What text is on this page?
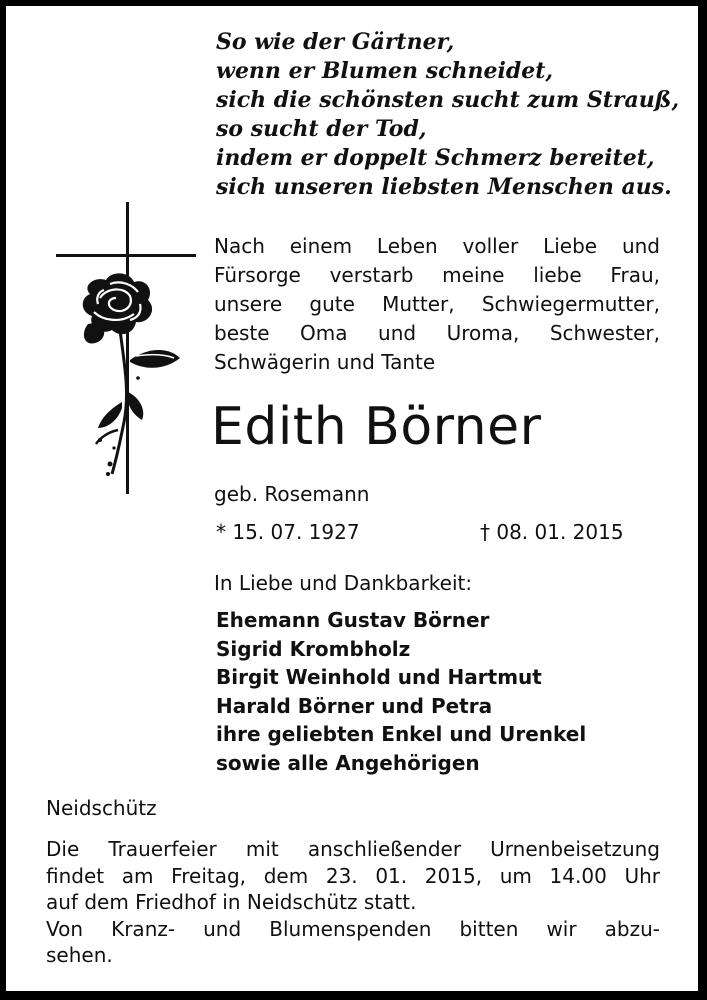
So wie der Gärtner,
wenn er Blumen schneidet,
sich die schönsten sucht zum Strauß,
so sucht der Tod,
indem er doppelt Schmerz bereitet,
sich unseren liebsten Menschen aus.
Nach einem Leben voller Liebe und
Fürsorge verstarb meine liebe Frau,
unsere gute Mutter, Schwiegermutter,
beste Oma und Uroma, Schwester,
Schwägerin und Tante
Edith Börner
geb. Rosemann
* 15. 07. 1927	† 08. 01. 2015
In Liebe und Dankbarkeit:
Ehemann Gustav Börner
Sigrid Krombholz
Birgit Weinhold und Hartmut
Harald Börner und Petra
ihre geliebten Enkel und Urenkel
sowie alle Angehörigen
Neidschütz
Die Trauerfeier mit anschließender Urnenbeisetzung
findet am Freitag, dem 23. 01. 2015, um 14.00 Uhr
auf dem Friedhof in Neidschütz statt.
Von Kranz- und Blumenspenden bitten wir abzu-
sehen.
